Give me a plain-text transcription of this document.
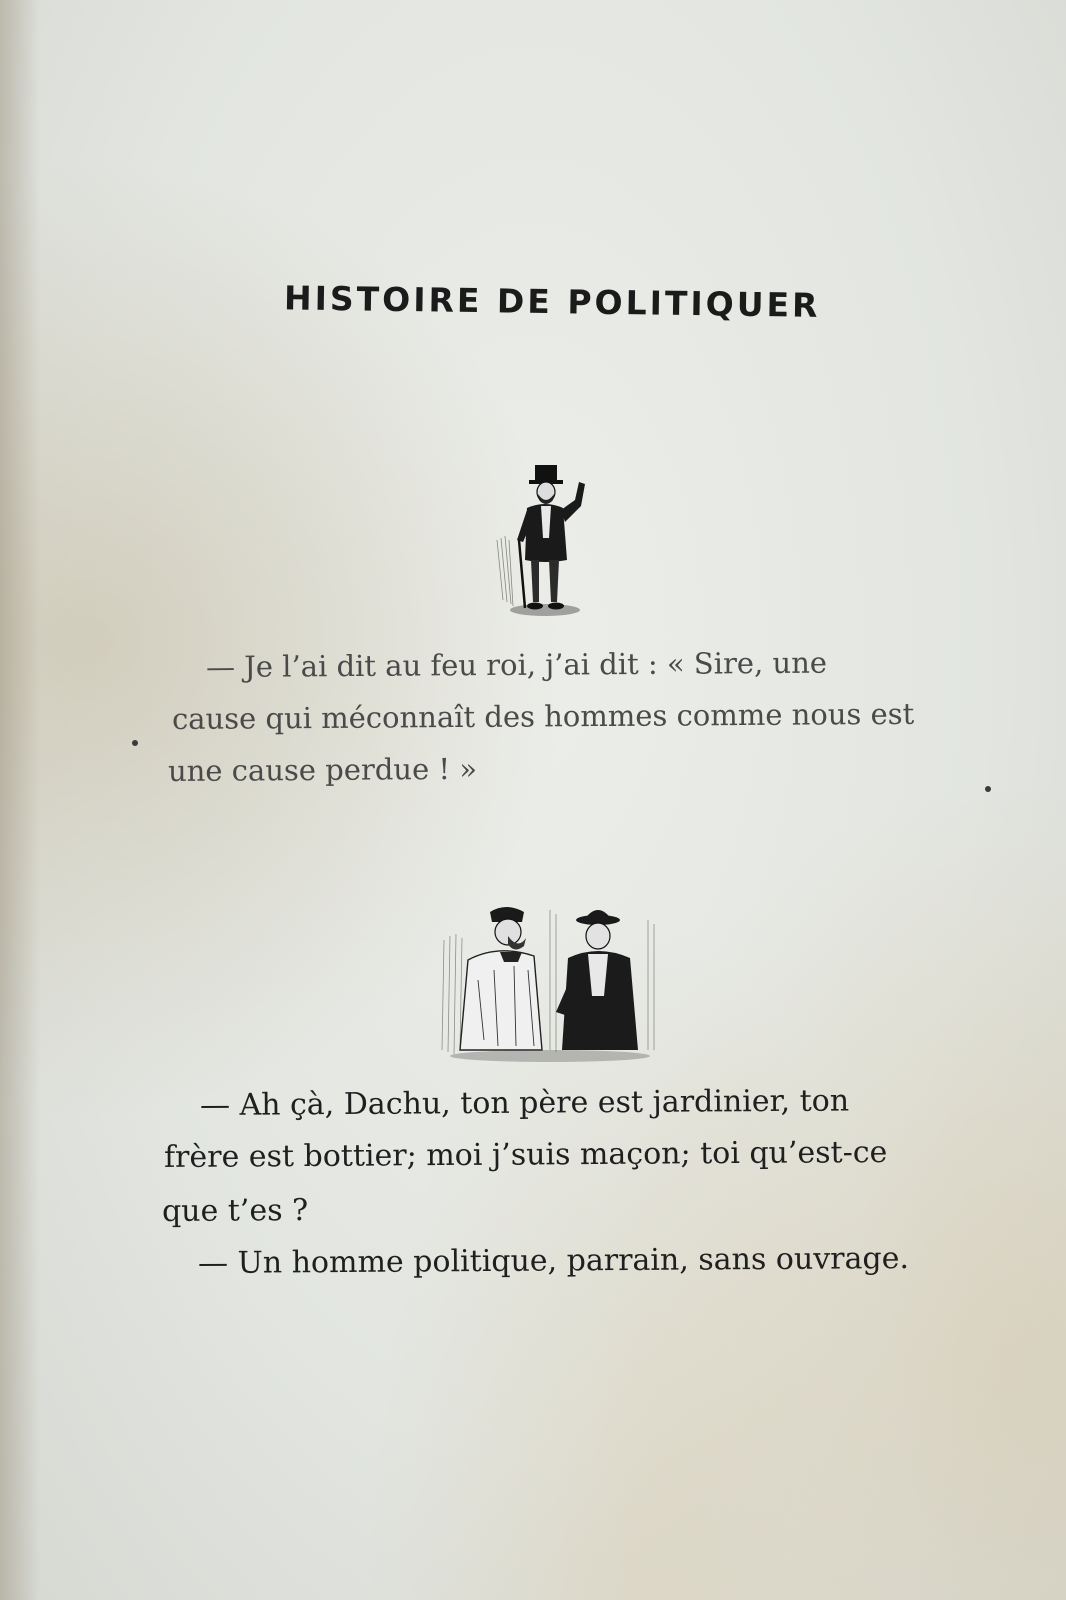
HISTOIRE DE POLITIQUER
— Je l’ai dit au feu roi, j’ai dit : « Sire, une
cause qui méconnaît des hommes comme nous est
une cause perdue ! »
— Ah çà, Dachu, ton père est jardinier, ton
frère est bottier; moi j’suis maçon; toi qu’est-ce
que t’es ?
— Un homme politique, parrain, sans ouvrage.
